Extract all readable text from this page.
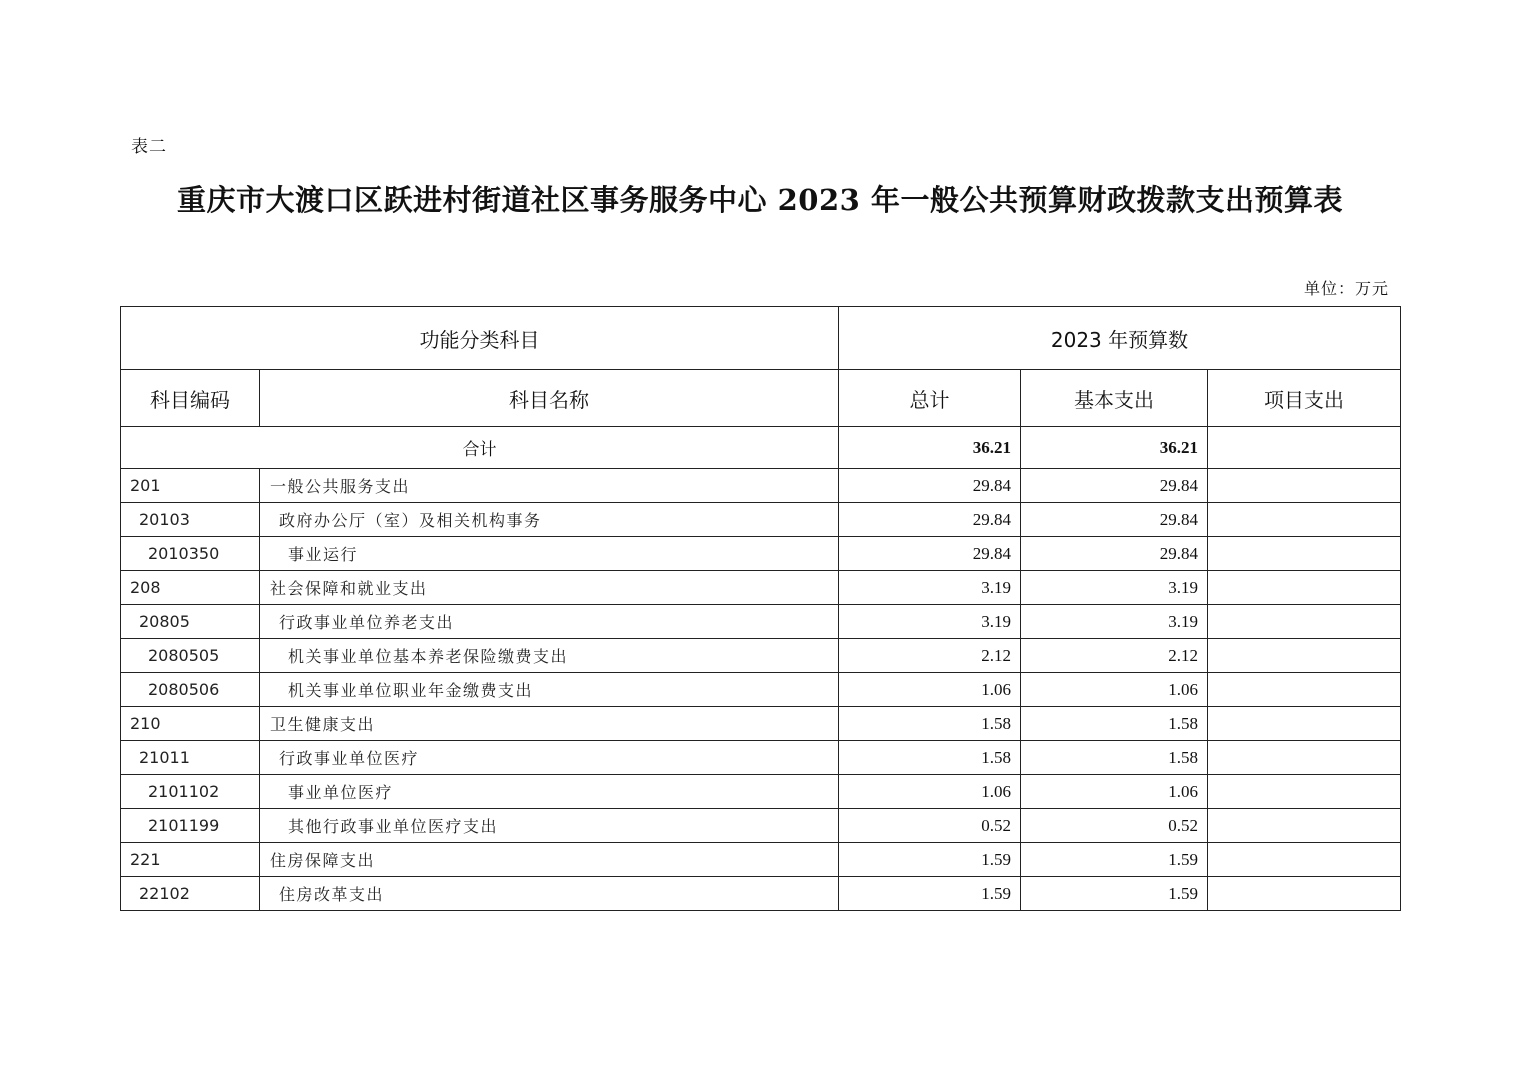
表二
重庆市大渡口区跃进村街道社区事务服务中心 2023 年一般公共预算财政拨款支出预算表
单位：万元
功能分类科目		2023 年预算数		
科目编码	科目名称	总计	基本支出	项目支出
合计		36.21	36.21	
201	一般公共服务支出	29.84	29.84	
20103	政府办公厅（室）及相关机构事务	29.84	29.84	
2010350	事业运行	29.84	29.84	
208	社会保障和就业支出	3.19	3.19	
20805	行政事业单位养老支出	3.19	3.19	
2080505	机关事业单位基本养老保险缴费支出	2.12	2.12	
2080506	机关事业单位职业年金缴费支出	1.06	1.06	
210	卫生健康支出	1.58	1.58	
21011	行政事业单位医疗	1.58	1.58	
2101102	事业单位医疗	1.06	1.06	
2101199	其他行政事业单位医疗支出	0.52	0.52	
221	住房保障支出	1.59	1.59	
22102	住房改革支出	1.59	1.59	
